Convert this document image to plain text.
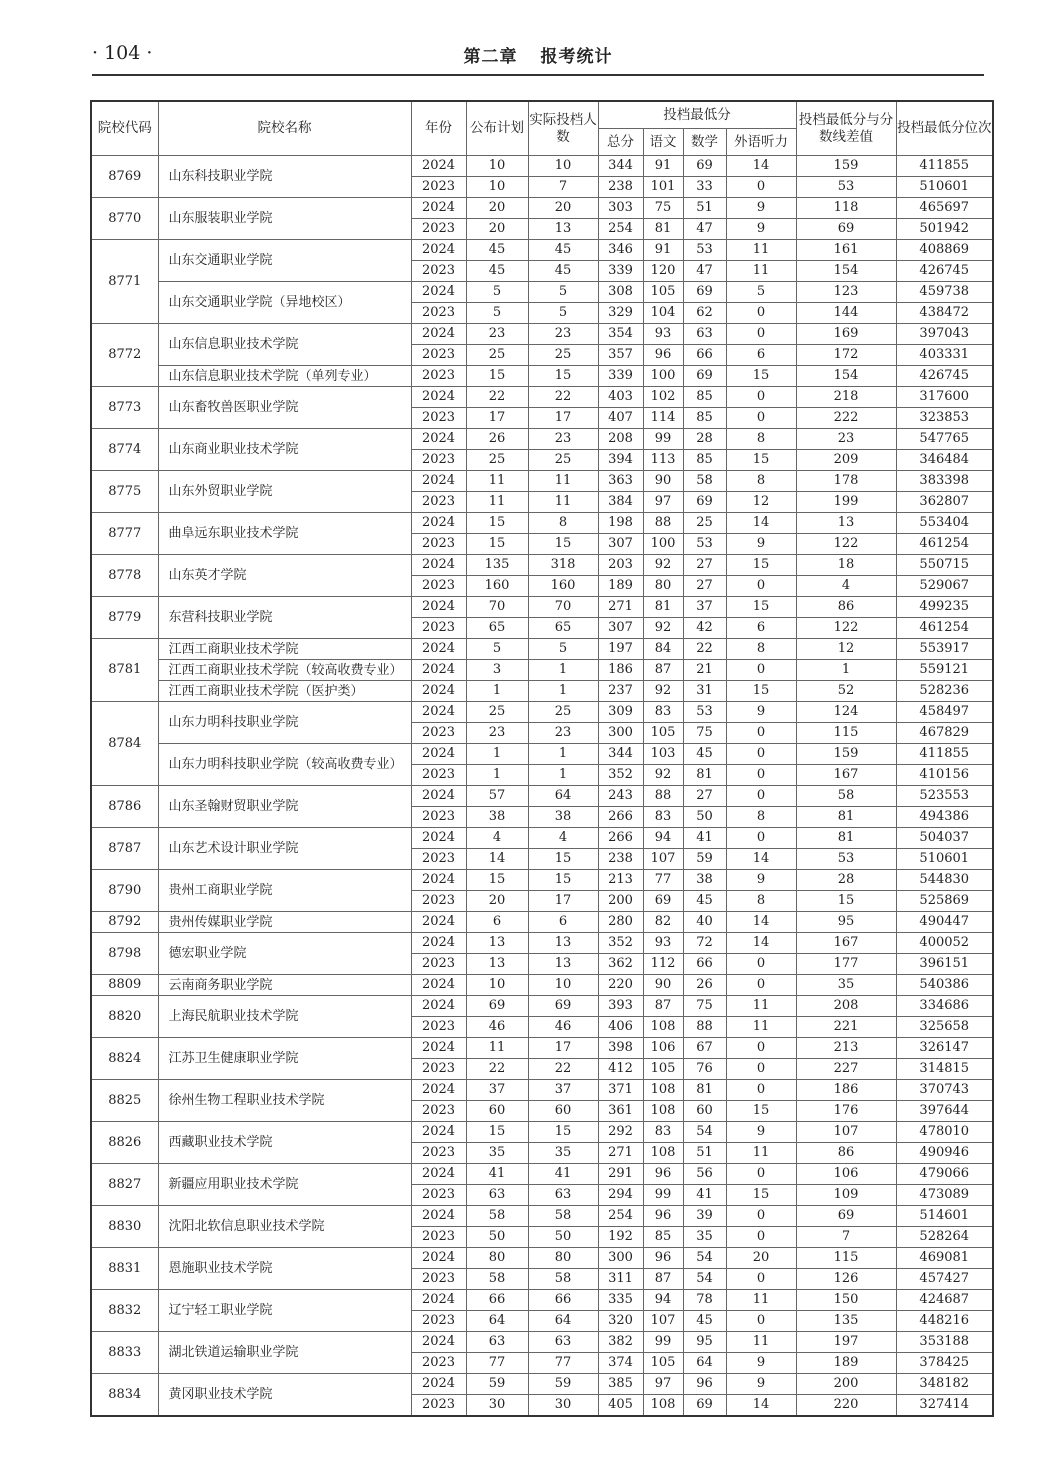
· 104 ·	第二章 报考统计
院校代码	院校名称	年份	公布计划	实际投档人数	投档最低分				投档最低分与分数线差值	投档最低分位次
					总分	语文	数学	外语听力		
8769	山东科技职业学院	2024	10	10	344	91	69	14	159	411855
		2023	10	7	238	101	33	0	53	510601
8770	山东服装职业学院	2024	20	20	303	75	51	9	118	465697
		2023	20	13	254	81	47	9	69	501942
8771	山东交通职业学院	2024	45	45	346	91	53	11	161	408869
		2023	45	45	339	120	47	11	154	426745
	山东交通职业学院（异地校区）	2024	5	5	308	105	69	5	123	459738
		2023	5	5	329	104	62	0	144	438472
8772	山东信息职业技术学院	2024	23	23	354	93	63	0	169	397043
		2023	25	25	357	96	66	6	172	403331
	山东信息职业技术学院（单列专业）	2023	15	15	339	100	69	15	154	426745
8773	山东畜牧兽医职业学院	2024	22	22	403	102	85	0	218	317600
		2023	17	17	407	114	85	0	222	323853
8774	山东商业职业技术学院	2024	26	23	208	99	28	8	23	547765
		2023	25	25	394	113	85	15	209	346484
8775	山东外贸职业学院	2024	11	11	363	90	58	8	178	383398
		2023	11	11	384	97	69	12	199	362807
8777	曲阜远东职业技术学院	2024	15	8	198	88	25	14	13	553404
		2023	15	15	307	100	53	9	122	461254
8778	山东英才学院	2024	135	318	203	92	27	15	18	550715
		2023	160	160	189	80	27	0	4	529067
8779	东营科技职业学院	2024	70	70	271	81	37	15	86	499235
		2023	65	65	307	92	42	6	122	461254
8781	江西工商职业技术学院	2024	5	5	197	84	22	8	12	553917
	江西工商职业技术学院（较高收费专业）	2024	3	1	186	87	21	0	1	559121
	江西工商职业技术学院（医护类）	2024	1	1	237	92	31	15	52	528236
8784	山东力明科技职业学院	2024	25	25	309	83	53	9	124	458497
		2023	23	23	300	105	75	0	115	467829
	山东力明科技职业学院（较高收费专业）	2024	1	1	344	103	45	0	159	411855
		2023	1	1	352	92	81	0	167	410156
8786	山东圣翰财贸职业学院	2024	57	64	243	88	27	0	58	523553
		2023	38	38	266	83	50	8	81	494386
8787	山东艺术设计职业学院	2024	4	4	266	94	41	0	81	504037
		2023	14	15	238	107	59	14	53	510601
8790	贵州工商职业学院	2024	15	15	213	77	38	9	28	544830
		2023	20	17	200	69	45	8	15	525869
8792	贵州传媒职业学院	2024	6	6	280	82	40	14	95	490447
8798	德宏职业学院	2024	13	13	352	93	72	14	167	400052
		2023	13	13	362	112	66	0	177	396151
8809	云南商务职业学院	2024	10	10	220	90	26	0	35	540386
8820	上海民航职业技术学院	2024	69	69	393	87	75	11	208	334686
		2023	46	46	406	108	88	11	221	325658
8824	江苏卫生健康职业学院	2024	11	17	398	106	67	0	213	326147
		2023	22	22	412	105	76	0	227	314815
8825	徐州生物工程职业技术学院	2024	37	37	371	108	81	0	186	370743
		2023	60	60	361	108	60	15	176	397644
8826	西藏职业技术学院	2024	15	15	292	83	54	9	107	478010
		2023	35	35	271	108	51	11	86	490946
8827	新疆应用职业技术学院	2024	41	41	291	96	56	0	106	479066
		2023	63	63	294	99	41	15	109	473089
8830	沈阳北软信息职业技术学院	2024	58	58	254	96	39	0	69	514601
		2023	50	50	192	85	35	0	7	528264
8831	恩施职业技术学院	2024	80	80	300	96	54	20	115	469081
		2023	58	58	311	87	54	0	126	457427
8832	辽宁轻工职业学院	2024	66	66	335	94	78	11	150	424687
		2023	64	64	320	107	45	0	135	448216
8833	湖北铁道运输职业学院	2024	63	63	382	99	95	11	197	353188
		2023	77	77	374	105	64	9	189	378425
8834	黄冈职业技术学院	2024	59	59	385	97	96	9	200	348182
		2023	30	30	405	108	69	14	220	327414
